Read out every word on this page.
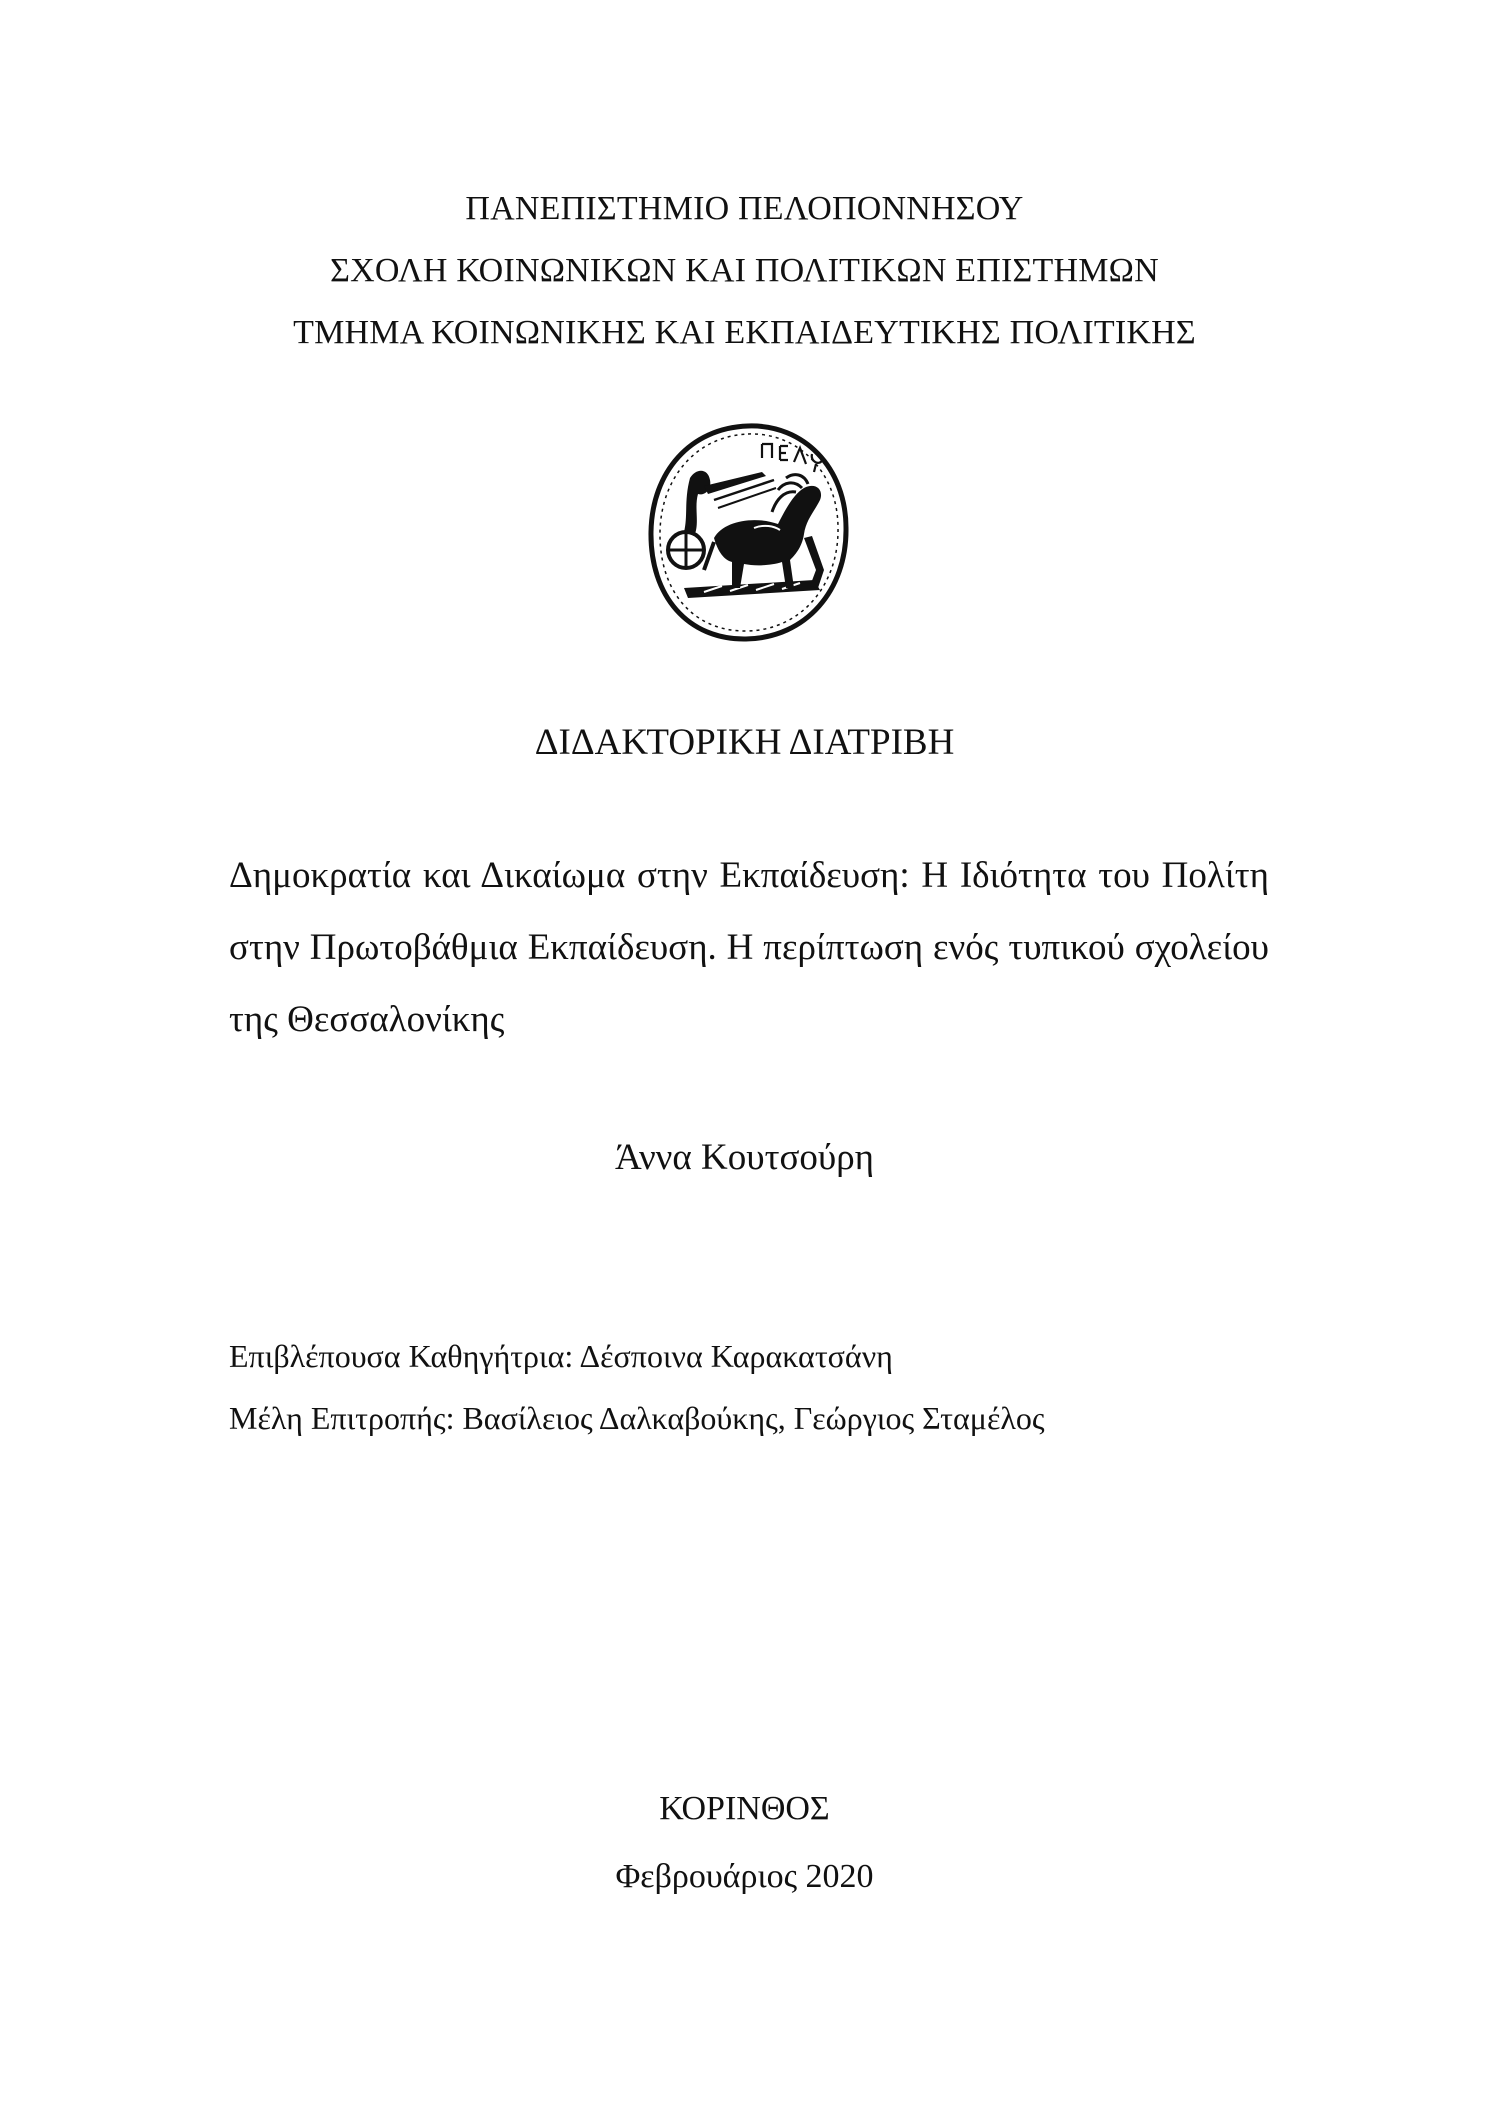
ΠΑΝΕΠΙΣΤΗΜΙΟ ΠΕΛΟΠΟΝΝΗΣΟΥ
ΣΧΟΛΗ ΚΟΙΝΩΝΙΚΩΝ ΚΑΙ ΠΟΛΙΤΙΚΩΝ ΕΠΙΣΤΗΜΩΝ
ΤΜΗΜΑ ΚΟΙΝΩΝΙΚΗΣ ΚΑΙ ΕΚΠΑΙΔΕΥΤΙΚΗΣ ΠΟΛΙΤΙΚΗΣ
ΔΙΔΑΚΤΟΡΙΚΗ ΔΙΑΤΡΙΒΗ
Δημοκρατία και Δικαίωμα στην Εκπαίδευση: Η Ιδιότητα του Πολίτη στην Πρωτοβάθμια Εκπαίδευση. Η περίπτωση ενός τυπικού σχολείου της Θεσσαλονίκης
Άννα Κουτσούρη
Επιβλέπουσα Καθηγήτρια: Δέσποινα Καρακατσάνη
Μέλη Επιτροπής: Βασίλειος Δαλκαβούκης, Γεώργιος Σταμέλος
ΚΟΡΙΝΘΟΣ
Φεβρουάριος 2020
